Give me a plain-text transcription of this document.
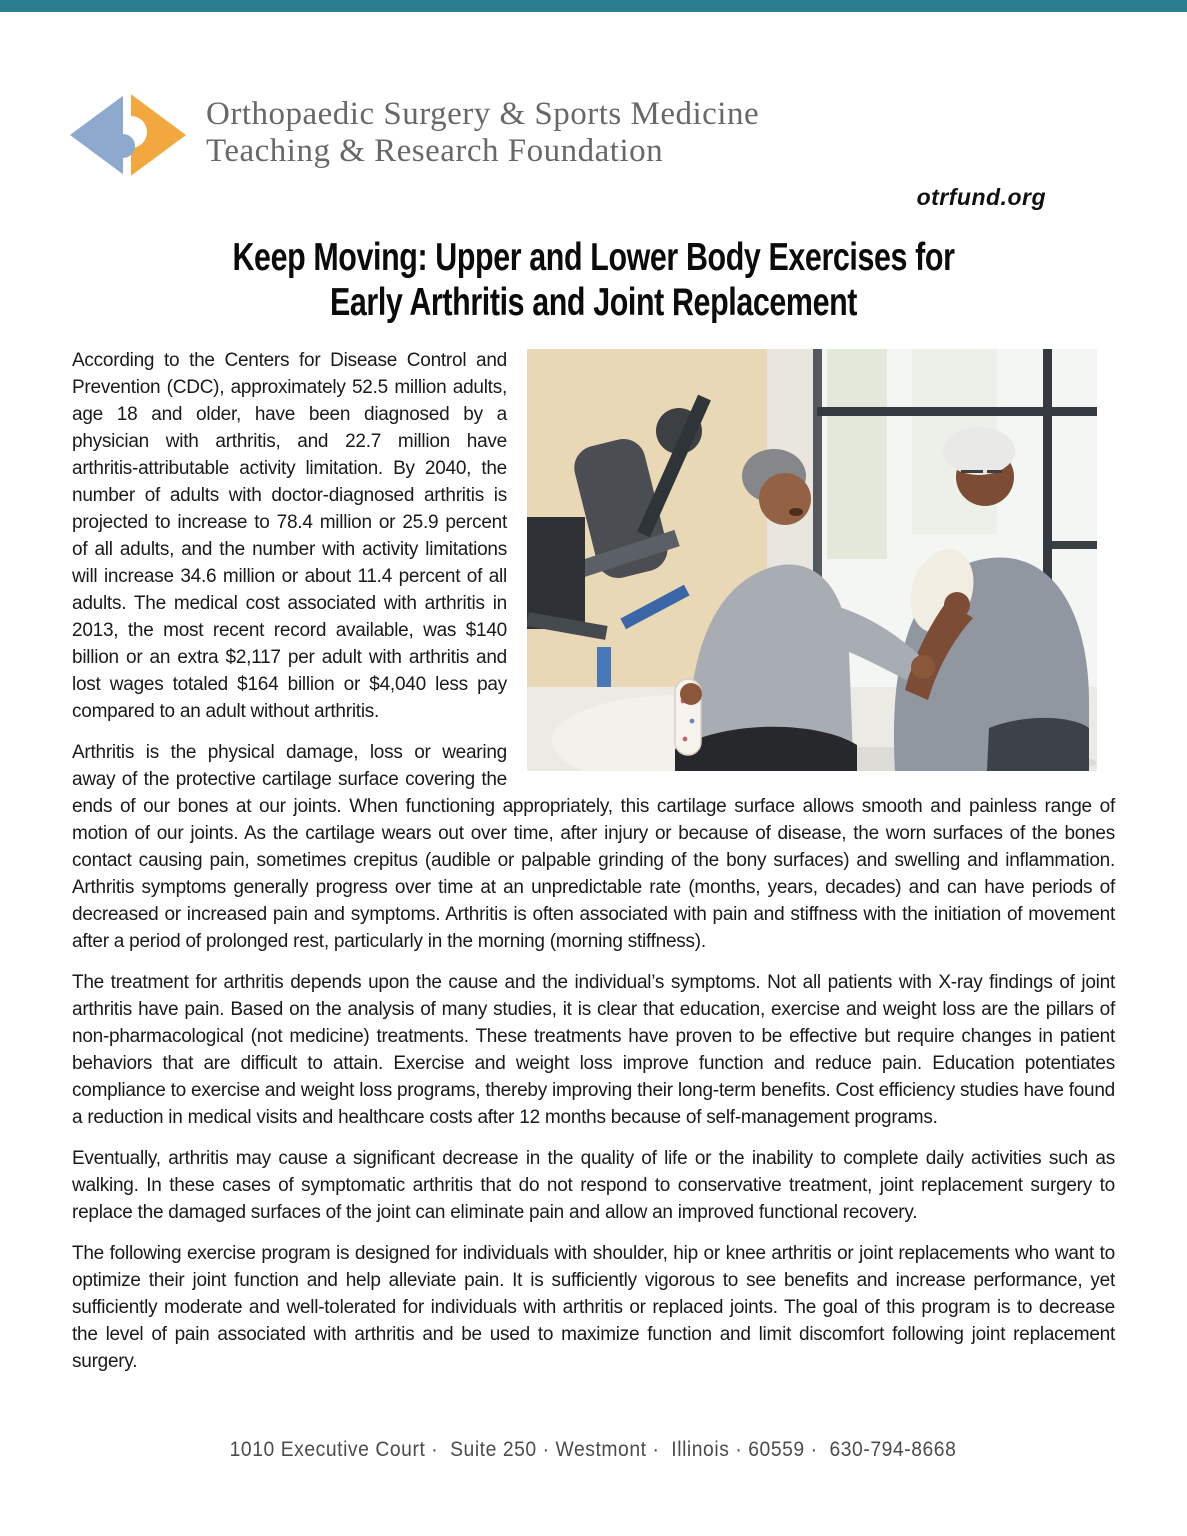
Orthopaedic Surgery & Sports Medicine
Teaching & Research Foundation
otrfund.org
Keep Moving: Upper and Lower Body Exercises for
Early Arthritis and Joint Replacement

According to the Centers for Disease Control and Prevention (CDC), approximately 52.5 million adults, age 18 and older, have been diagnosed by a physician with arthritis, and 22.7 million have arthritis-attributable activity limitation. By 2040, the number of adults with doctor-diagnosed arthritis is projected to increase to 78.4 million or 25.9 percent of all adults, and the number with activity limitations will increase 34.6 million or about 11.4 percent of all adults. The medical cost associated with arthritis in 2013, the most recent record available, was $140 billion or an extra $2,117 per adult with arthritis and lost wages totaled $164 billion or $4,040 less pay compared to an adult without arthritis.

Arthritis is the physical damage, loss or wearing away of the protective cartilage surface covering the ends of our bones at our joints. When functioning appropriately, this cartilage surface allows smooth and painless range of motion of our joints. As the cartilage wears out over time, after injury or because of disease, the worn surfaces of the bones contact causing pain, sometimes crepitus (audible or palpable grinding of the bony surfaces) and swelling and inflammation. Arthritis symptoms generally progress over time at an unpredictable rate (months, years, decades) and can have periods of decreased or increased pain and symptoms. Arthritis is often associated with pain and stiffness with the initiation of movement after a period of prolonged rest, particularly in the morning (morning stiffness).

The treatment for arthritis depends upon the cause and the individual’s symptoms. Not all patients with X-ray findings of joint arthritis have pain. Based on the analysis of many studies, it is clear that education, exercise and weight loss are the pillars of non-pharmacological (not medicine) treatments. These treatments have proven to be effective but require changes in patient behaviors that are difficult to attain. Exercise and weight loss improve function and reduce pain. Education potentiates compliance to exercise and weight loss programs, thereby improving their long-term benefits. Cost efficiency studies have found a reduction in medical visits and healthcare costs after 12 months because of self-management programs.

Eventually, arthritis may cause a significant decrease in the quality of life or the inability to complete daily activities such as walking. In these cases of symptomatic arthritis that do not respond to conservative treatment, joint replacement surgery to replace the damaged surfaces of the joint can eliminate pain and allow an improved functional recovery.

The following exercise program is designed for individuals with shoulder, hip or knee arthritis or joint replacements who want to optimize their joint function and help alleviate pain. It is sufficiently vigorous to see benefits and increase performance, yet sufficiently moderate and well-tolerated for individuals with arthritis or replaced joints. The goal of this program is to decrease the level of pain associated with arthritis and be used to maximize function and limit discomfort following joint replacement surgery.

1010 Executive Court ·  Suite 250 · Westmont ·  Illinois · 60559 ·  630-794-8668
